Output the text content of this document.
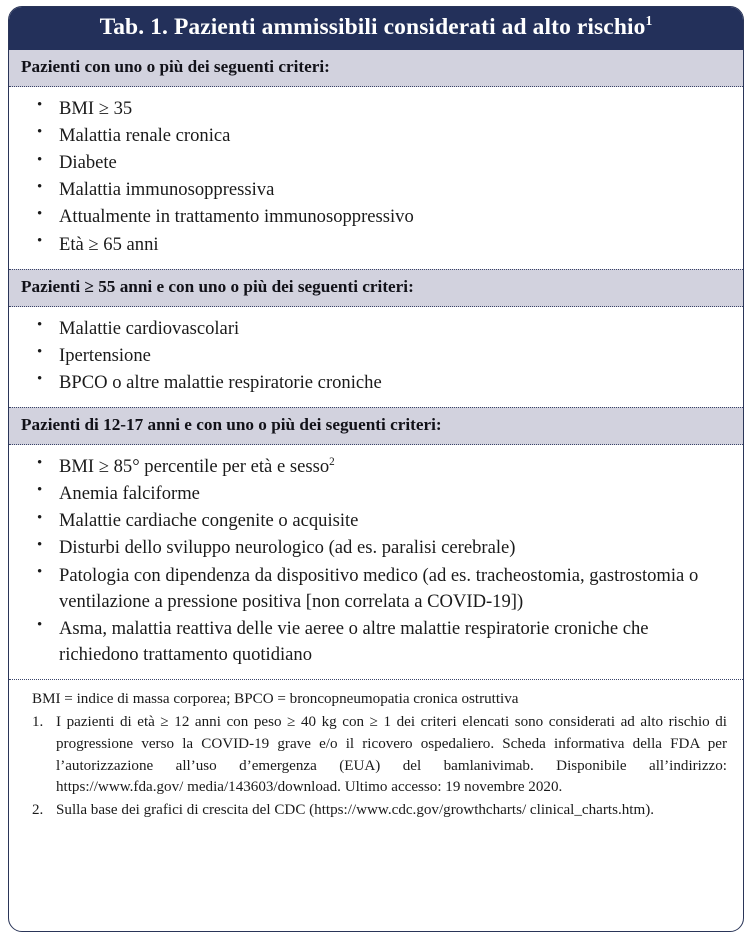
Tab. 1. Pazienti ammissibili considerati ad alto rischio$^1$
Pazienti con uno o più dei seguenti criteri:
• BMI ≥ 35
• Malattia renale cronica
• Diabete
• Malattia immunosoppressiva
• Attualmente in trattamento immunosoppressivo
• Età ≥ 65 anni
Pazienti ≥ 55 anni e con uno o più dei seguenti criteri:
• Malattie cardiovascolari
• Ipertensione
• BPCO o altre malattie respiratorie croniche
Pazienti di 12-17 anni e con uno o più dei seguenti criteri:
• BMI ≥ 85° percentile per età e sesso$^2$
• Anemia falciforme
• Malattie cardiache congenite o acquisite
• Disturbi dello sviluppo neurologico (ad es. paralisi cerebrale)
• Patologia con dipendenza da dispositivo medico (ad es. tracheostomia, gastrostomia o ventilazione a pressione positiva [non correlata a COVID-19])
• Asma, malattia reattiva delle vie aeree o altre malattie respiratorie croniche che richiedono trattamento quotidiano
BMI = indice di massa corporea; BPCO = broncopneumopatia cronica ostruttiva
I pazienti di età ≥ 12 anni con peso ≥ 40 kg con ≥ 1 dei criteri elencati sono considerati ad alto rischio di progressione verso la COVID-19 grave e/o il ricovero ospedaliero. Scheda informativa della FDA per l’autorizzazione all’uso d’emergenza (EUA) del bamlanivimab. Disponibile all’indirizzo: https://www.fda.gov/ media/143603/download. Ultimo accesso: 19 novembre 2020.
Sulla base dei grafici di crescita del CDC (https://www.cdc.gov/growthcharts/ clinical_charts.htm).
